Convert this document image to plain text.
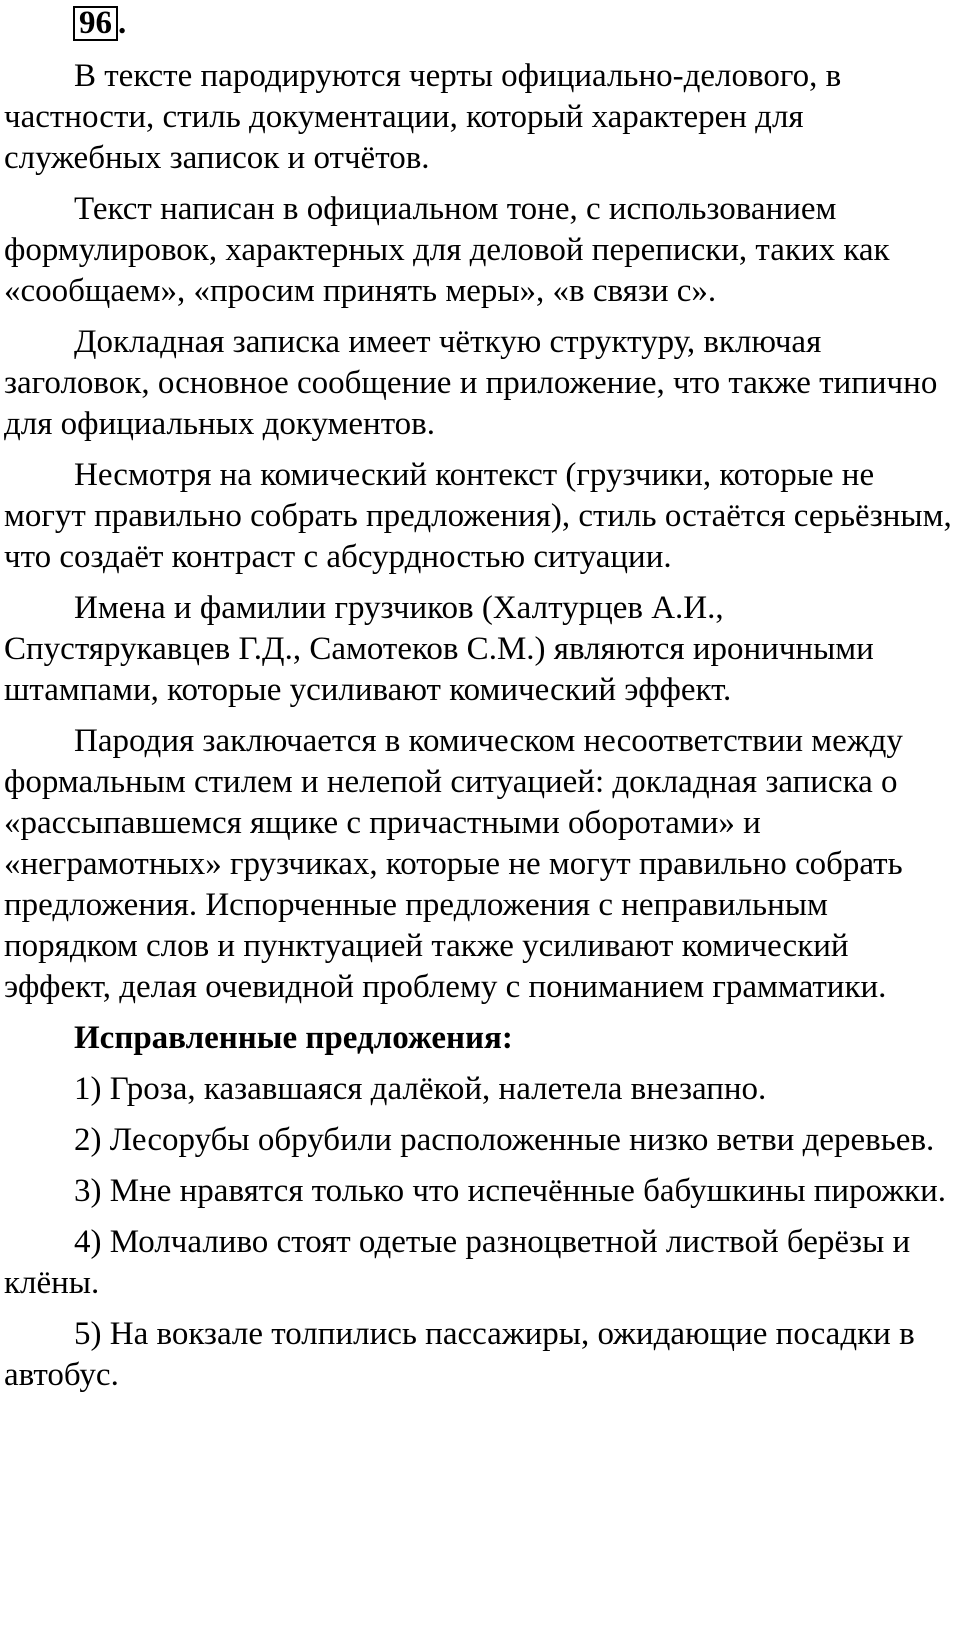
96 .

В тексте пародируются черты официально-делового, в частности, стиль документации, который характерен для служебных записок и отчётов.

Текст написан в официальном тоне, с использованием формулировок, характерных для деловой переписки, таких как «сообщаем», «просим принять меры», «в связи с».

Докладная записка имеет чёткую структуру, включая заголовок, основное сообщение и приложение, что также типично для официальных документов.

Несмотря на комический контекст (грузчики, которые не могут правильно собрать предложения), стиль остаётся серьёзным, что создаёт контраст с абсурдностью ситуации.

Имена и фамилии грузчиков (Халтурцев А.И., Спустярукавцев Г.Д., Самотеков С.М.) являются ироничными штампами, которые усиливают комический эффект.

Пародия заключается в комическом несоответствии между формальным стилем и нелепой ситуацией: докладная записка о «рассыпавшемся ящике с причастными оборотами» и «неграмотных» грузчиках, которые не могут правильно собрать предложения. Испорченные предложения с неправильным порядком слов и пунктуацией также усиливают комический эффект, делая очевидной проблему с пониманием грамматики.

Исправленные предложения:

1) Гроза, казавшаяся далёкой, налетела внезапно.

2) Лесорубы обрубили расположенные низко ветви деревьев.

3) Мне нравятся только что испечённые бабушкины пирожки.

4) Молчаливо стоят одетые разноцветной листвой берёзы и клёны.

5) На вокзале толпились пассажиры, ожидающие посадки в автобус.
